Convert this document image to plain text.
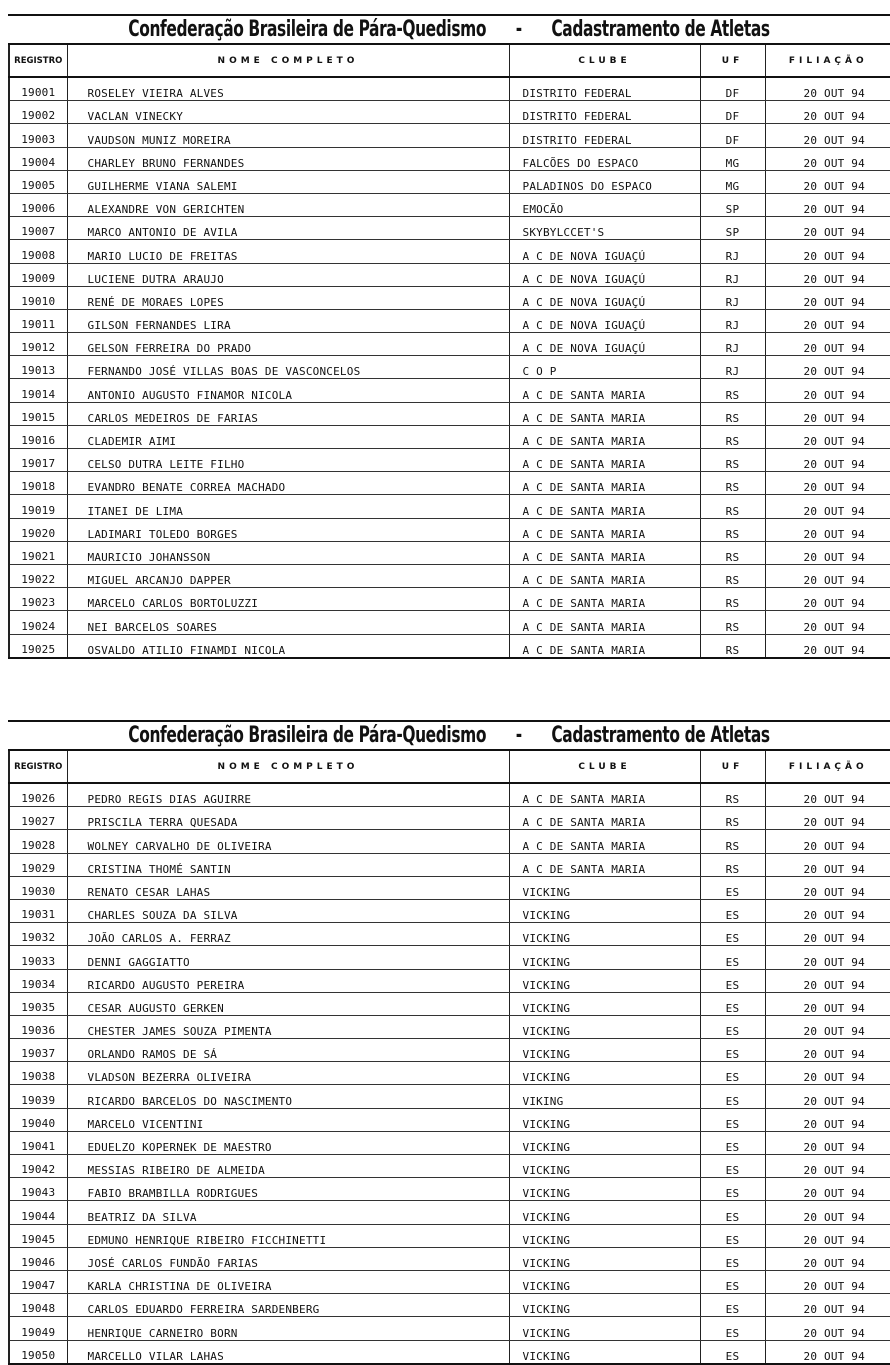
Confederação Brasileira de Pára-Quedismo - Cadastramento de Atletas
REGISTRO	NOME COMPLETO	CLUBE	UF	FILIAÇÃO
19001	ROSELEY VIEIRA ALVES	DISTRITO FEDERAL	DF	20 OUT 94
19002	VACLAN VINECKY	DISTRITO FEDERAL	DF	20 OUT 94
19003	VAUDSON MUNIZ MOREIRA	DISTRITO FEDERAL	DF	20 OUT 94
19004	CHARLEY BRUNO FERNANDES	FALCÕES DO ESPACO	MG	20 OUT 94
19005	GUILHERME VIANA SALEMI	PALADINOS DO ESPACO	MG	20 OUT 94
19006	ALEXANDRE VON GERICHTEN	EMOCÃO	SP	20 OUT 94
19007	MARCO ANTONIO DE AVILA	SKYBYLCCET'S	SP	20 OUT 94
19008	MARIO LUCIO DE FREITAS	A C DE NOVA IGUAÇÚ	RJ	20 OUT 94
19009	LUCIENE DUTRA ARAUJO	A C DE NOVA IGUAÇÚ	RJ	20 OUT 94
19010	RENÉ DE MORAES LOPES	A C DE NOVA IGUAÇÚ	RJ	20 OUT 94
19011	GILSON FERNANDES LIRA	A C DE NOVA IGUAÇÚ	RJ	20 OUT 94
19012	GELSON FERREIRA DO PRADO	A C DE NOVA IGUAÇÚ	RJ	20 OUT 94
19013	FERNANDO JOSÉ VILLAS BOAS DE VASCONCELOS	C O P	RJ	20 OUT 94
19014	ANTONIO AUGUSTO FINAMOR NICOLA	A C DE SANTA MARIA	RS	20 OUT 94
19015	CARLOS MEDEIROS DE FARIAS	A C DE SANTA MARIA	RS	20 OUT 94
19016	CLADEMIR AIMI	A C DE SANTA MARIA	RS	20 OUT 94
19017	CELSO DUTRA LEITE FILHO	A C DE SANTA MARIA	RS	20 OUT 94
19018	EVANDRO BENATE CORREA MACHADO	A C DE SANTA MARIA	RS	20 OUT 94
19019	ITANEI DE LIMA	A C DE SANTA MARIA	RS	20 OUT 94
19020	LADIMARI TOLEDO BORGES	A C DE SANTA MARIA	RS	20 OUT 94
19021	MAURICIO JOHANSSON	A C DE SANTA MARIA	RS	20 OUT 94
19022	MIGUEL ARCANJO DAPPER	A C DE SANTA MARIA	RS	20 OUT 94
19023	MARCELO CARLOS BORTOLUZZI	A C DE SANTA MARIA	RS	20 OUT 94
19024	NEI BARCELOS SOARES	A C DE SANTA MARIA	RS	20 OUT 94
19025	OSVALDO ATILIO FINAMDI NICOLA	A C DE SANTA MARIA	RS	20 OUT 94
Confederação Brasileira de Pára-Quedismo - Cadastramento de Atletas
REGISTRO	NOME COMPLETO	CLUBE	UF	FILIAÇÃO
19026	PEDRO REGIS DIAS AGUIRRE	A C DE SANTA MARIA	RS	20 OUT 94
19027	PRISCILA TERRA QUESADA	A C DE SANTA MARIA	RS	20 OUT 94
19028	WOLNEY CARVALHO DE OLIVEIRA	A C DE SANTA MARIA	RS	20 OUT 94
19029	CRISTINA THOMÉ SANTIN	A C DE SANTA MARIA	RS	20 OUT 94
19030	RENATO CESAR LAHAS	VICKING	ES	20 OUT 94
19031	CHARLES SOUZA DA SILVA	VICKING	ES	20 OUT 94
19032	JOÃO CARLOS A. FERRAZ	VICKING	ES	20 OUT 94
19033	DENNI GAGGIATTO	VICKING	ES	20 OUT 94
19034	RICARDO AUGUSTO PEREIRA	VICKING	ES	20 OUT 94
19035	CESAR AUGUSTO GERKEN	VICKING	ES	20 OUT 94
19036	CHESTER JAMES SOUZA PIMENTA	VICKING	ES	20 OUT 94
19037	ORLANDO RAMOS DE SÁ	VICKING	ES	20 OUT 94
19038	VLADSON BEZERRA OLIVEIRA	VICKING	ES	20 OUT 94
19039	RICARDO BARCELOS DO NASCIMENTO	VIKING	ES	20 OUT 94
19040	MARCELO VICENTINI	VICKING	ES	20 OUT 94
19041	EDUELZO KOPERNEK DE MAESTRO	VICKING	ES	20 OUT 94
19042	MESSIAS RIBEIRO DE ALMEIDA	VICKING	ES	20 OUT 94
19043	FABIO BRAMBILLA RODRIGUES	VICKING	ES	20 OUT 94
19044	BEATRIZ DA SILVA	VICKING	ES	20 OUT 94
19045	EDMUNO HENRIQUE RIBEIRO FICCHINETTI	VICKING	ES	20 OUT 94
19046	JOSÉ CARLOS FUNDÃO FARIAS	VICKING	ES	20 OUT 94
19047	KARLA CHRISTINA DE OLIVEIRA	VICKING	ES	20 OUT 94
19048	CARLOS EDUARDO FERREIRA SARDENBERG	VICKING	ES	20 OUT 94
19049	HENRIQUE CARNEIRO BORN	VICKING	ES	20 OUT 94
19050	MARCELLO VILAR LAHAS	VICKING	ES	20 OUT 94
